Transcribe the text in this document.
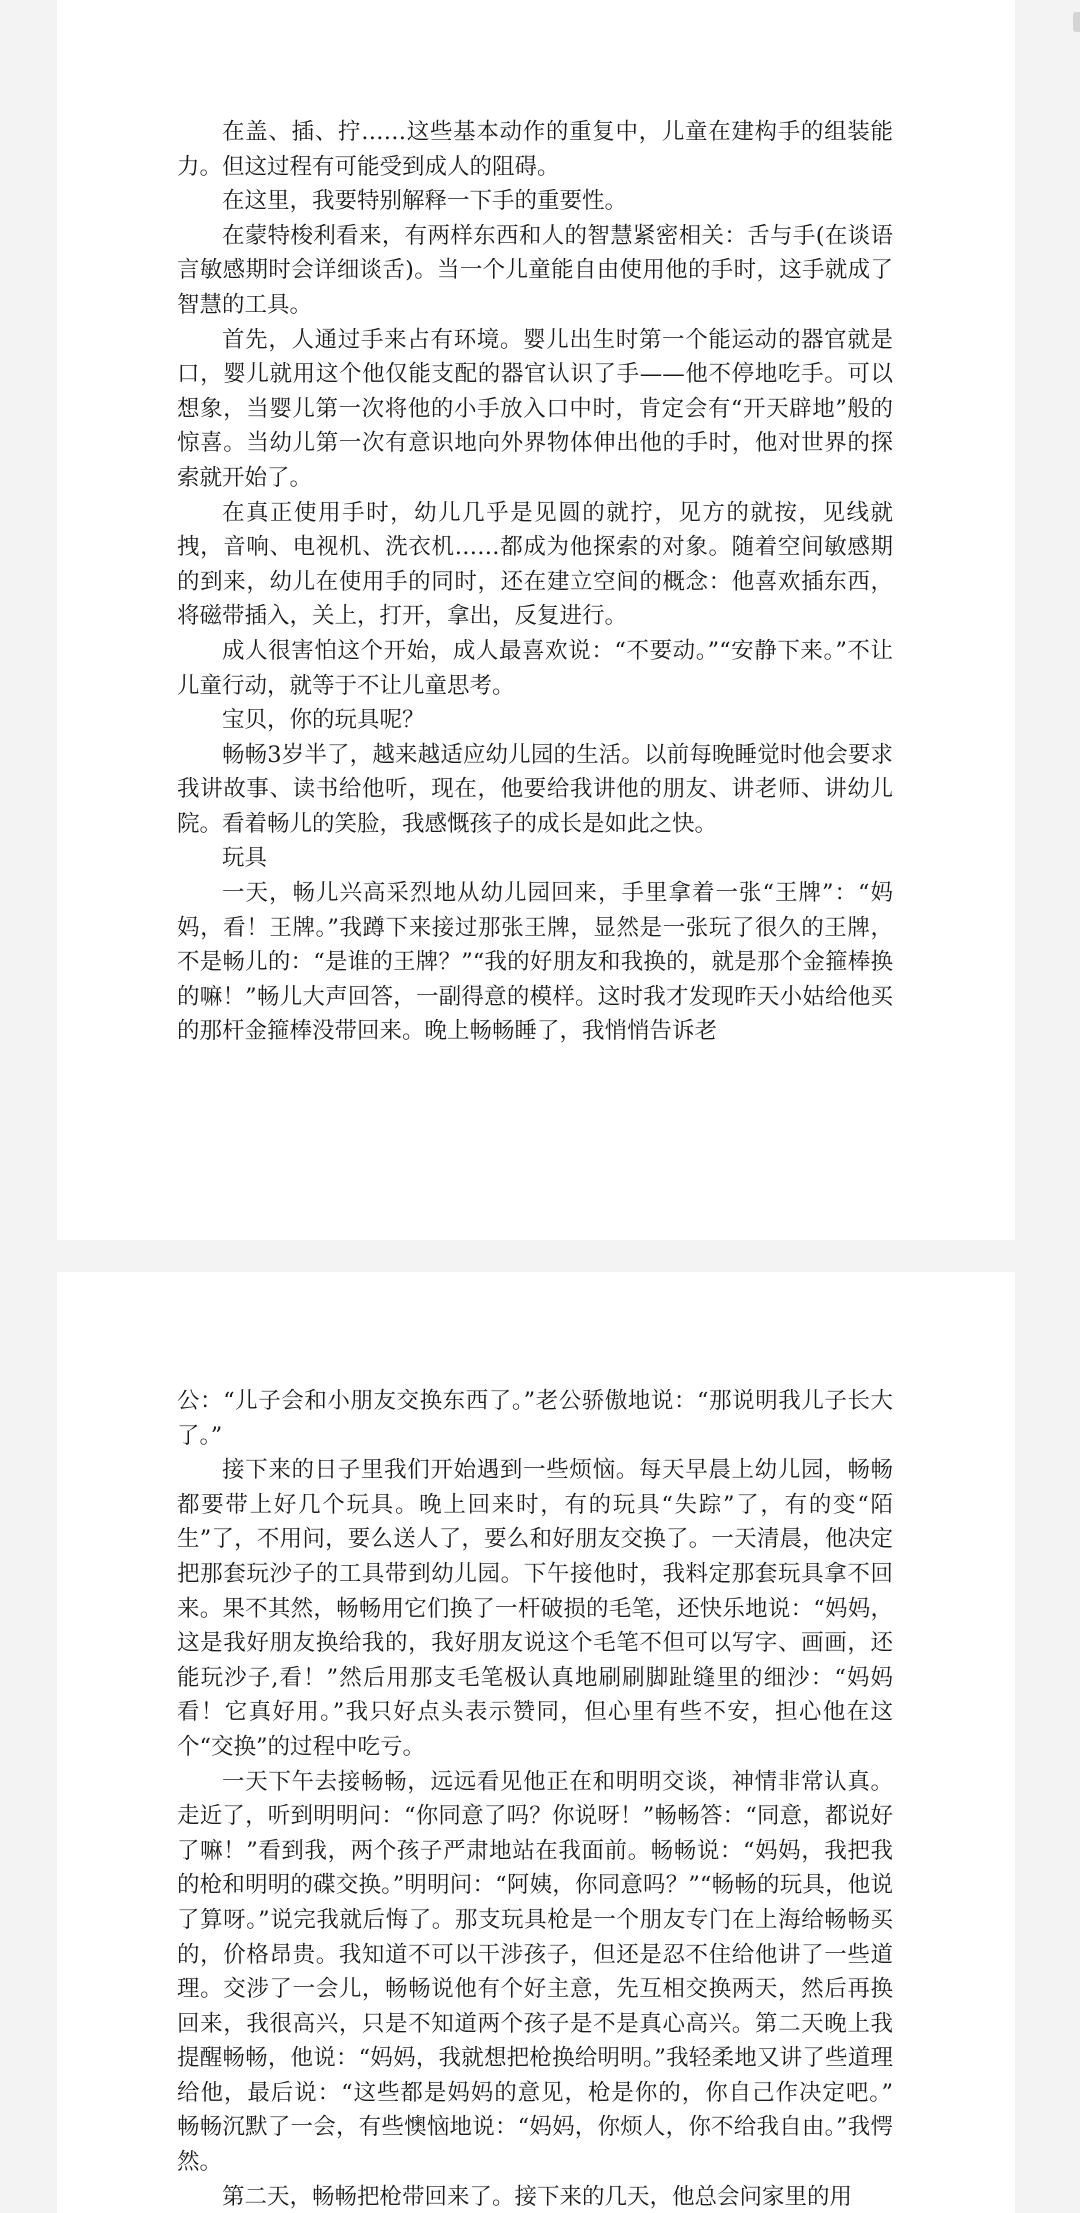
在盖、插、拧……这些基本动作的重复中，儿童在建构手的组装能力。但这过程有可能受到成人的阻碍。

在这里，我要特别解释一下手的重要性。

在蒙特梭利看来，有两样东西和人的智慧紧密相关：舌与手(在谈语言敏感期时会详细谈舌)。当一个儿童能自由使用他的手时，这手就成了智慧的工具。

首先，人通过手来占有环境。婴儿出生时第一个能运动的器官就是口，婴儿就用这个他仅能支配的器官认识了手——他不停地吃手。可以想象，当婴儿第一次将他的小手放入口中时，肯定会有“开天辟地”般的惊喜。当幼儿第一次有意识地向外界物体伸出他的手时，他对世界的探索就开始了。

在真正使用手时，幼儿几乎是见圆的就拧，见方的就按，见线就拽，音响、电视机、洗衣机……都成为他探索的对象。随着空间敏感期的到来，幼儿在使用手的同时，还在建立空间的概念：他喜欢插东西，将磁带插入，关上，打开，拿出，反复进行。

成人很害怕这个开始，成人最喜欢说：“不要动。”“安静下来。”不让儿童行动，就等于不让儿童思考。

宝贝，你的玩具呢？

畅畅3岁半了，越来越适应幼儿园的生活。以前每晚睡觉时他会要求我讲故事、读书给他听，现在，他要给我讲他的朋友、讲老师、讲幼儿院。看着畅儿的笑脸，我感慨孩子的成长是如此之快。

玩具

一天，畅儿兴高采烈地从幼儿园回来，手里拿着一张“王牌”：“妈妈，看！王牌。”我蹲下来接过那张王牌，显然是一张玩了很久的王牌，不是畅儿的：“是谁的王牌？”“我的好朋友和我换的，就是那个金箍棒换的嘛！”畅儿大声回答，一副得意的模样。这时我才发现昨天小姑给他买的那杆金箍棒没带回来。晚上畅畅睡了，我悄悄告诉老

公：“儿子会和小朋友交换东西了。”老公骄傲地说：“那说明我儿子长大了。”

接下来的日子里我们开始遇到一些烦恼。每天早晨上幼儿园，畅畅都要带上好几个玩具。晚上回来时，有的玩具“失踪”了，有的变“陌生”了，不用问，要么送人了，要么和好朋友交换了。一天清晨，他决定把那套玩沙子的工具带到幼儿园。下午接他时，我料定那套玩具拿不回来。果不其然，畅畅用它们换了一杆破损的毛笔，还快乐地说：“妈妈，这是我好朋友换给我的，我好朋友说这个毛笔不但可以写字、画画，还能玩沙子,看！”然后用那支毛笔极认真地刷刷脚趾缝里的细沙：“妈妈看！它真好用。”我只好点头表示赞同，但心里有些不安，担心他在这个“交换”的过程中吃亏。

一天下午去接畅畅，远远看见他正在和明明交谈，神情非常认真。走近了，听到明明问：“你同意了吗？你说呀！”畅畅答：“同意，都说好了嘛！”看到我，两个孩子严肃地站在我面前。畅畅说：“妈妈，我把我的枪和明明的碟交换。”明明问：“阿姨，你同意吗？”“畅畅的玩具，他说了算呀。”说完我就后悔了。那支玩具枪是一个朋友专门在上海给畅畅买的，价格昂贵。我知道不可以干涉孩子，但还是忍不住给他讲了一些道理。交涉了一会儿，畅畅说他有个好主意，先互相交换两天，然后再换回来，我很高兴，只是不知道两个孩子是不是真心高兴。第二天晚上我提醒畅畅，他说：“妈妈，我就想把枪换给明明。”我轻柔地又讲了些道理给他，最后说：“这些都是妈妈的意见，枪是你的，你自己作决定吧。” 畅畅沉默了一会，有些懊恼地说：“妈妈，你烦人，你不给我自由。”我愕然。

第二天，畅畅把枪带回来了。接下来的几天，他总会问家里的用
